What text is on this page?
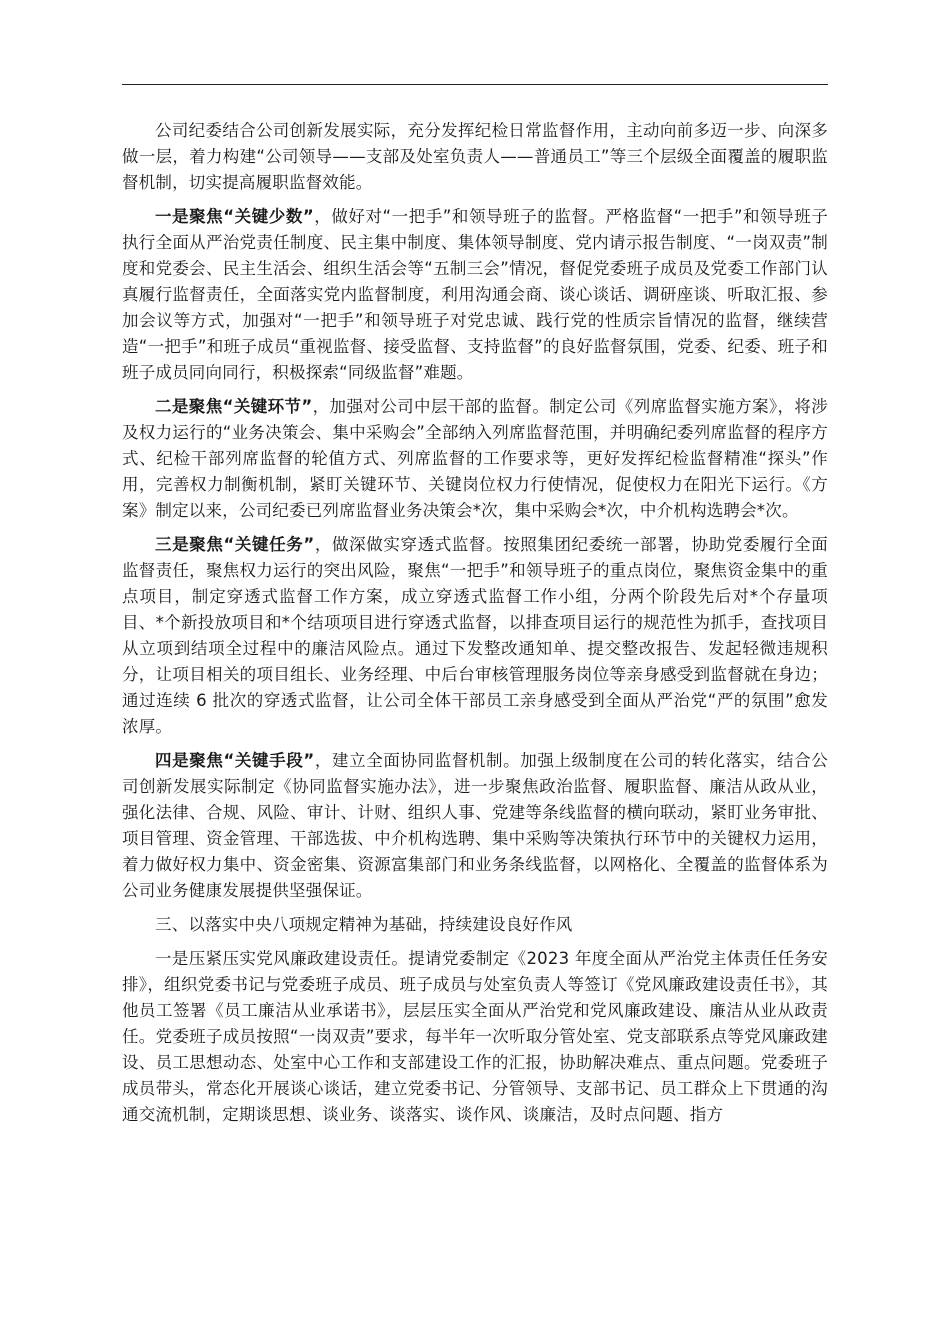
公司纪委结合公司创新发展实际，充分发挥纪检日常监督作用，主动向前多迈一步、向深多做一层，着力构建“公司领导——支部及处室负责人——普通员工”等三个层级全面覆盖的履职监督机制，切实提高履职监督效能。

一是聚焦“关键少数”，做好对“一把手”和领导班子的监督。严格监督“一把手”和领导班子执行全面从严治党责任制度、民主集中制度、集体领导制度、党内请示报告制度、“一岗双责”制度和党委会、民主生活会、组织生活会等“五制三会”情况，督促党委班子成员及党委工作部门认真履行监督责任，全面落实党内监督制度，利用沟通会商、谈心谈话、调研座谈、听取汇报、参加会议等方式，加强对“一把手”和领导班子对党忠诚、践行党的性质宗旨情况的监督，继续营造“一把手”和班子成员“重视监督、接受监督、支持监督”的良好监督氛围，党委、纪委、班子和班子成员同向同行，积极探索“同级监督”难题。

二是聚焦“关键环节”，加强对公司中层干部的监督。制定公司《列席监督实施方案》，将涉及权力运行的“业务决策会、集中采购会”全部纳入列席监督范围，并明确纪委列席监督的程序方式、纪检干部列席监督的轮值方式、列席监督的工作要求等，更好发挥纪检监督精准“探头”作用，完善权力制衡机制，紧盯关键环节、关键岗位权力行使情况，促使权力在阳光下运行。《方案》制定以来，公司纪委已列席监督业务决策会*次，集中采购会*次，中介机构选聘会*次。

三是聚焦“关键任务”，做深做实穿透式监督。按照集团纪委统一部署，协助党委履行全面监督责任，聚焦权力运行的突出风险，聚焦“一把手”和领导班子的重点岗位，聚焦资金集中的重点项目，制定穿透式监督工作方案，成立穿透式监督工作小组，分两个阶段先后对*个存量项目、*个新投放项目和*个结项项目进行穿透式监督，以排查项目运行的规范性为抓手，查找项目从立项到结项全过程中的廉洁风险点。通过下发整改通知单、提交整改报告、发起轻微违规积分，让项目相关的项目组长、业务经理、中后台审核管理服务岗位等亲身感受到监督就在身边；通过连续 6 批次的穿透式监督，让公司全体干部员工亲身感受到全面从严治党“严的氛围”愈发浓厚。

四是聚焦“关键手段”，建立全面协同监督机制。加强上级制度在公司的转化落实，结合公司创新发展实际制定《协同监督实施办法》，进一步聚焦政治监督、履职监督、廉洁从政从业，强化法律、合规、风险、审计、计财、组织人事、党建等条线监督的横向联动，紧盯业务审批、项目管理、资金管理、干部选拔、中介机构选聘、集中采购等决策执行环节中的关键权力运用，着力做好权力集中、资金密集、资源富集部门和业务条线监督，以网格化、全覆盖的监督体系为公司业务健康发展提供坚强保证。

三、以落实中央八项规定精神为基础，持续建设良好作风

一是压紧压实党风廉政建设责任。提请党委制定《2023 年度全面从严治党主体责任任务安排》，组织党委书记与党委班子成员、班子成员与处室负责人等签订《党风廉政建设责任书》，其他员工签署《员工廉洁从业承诺书》，层层压实全面从严治党和党风廉政建设、廉洁从业从政责任。党委班子成员按照“一岗双责”要求，每半年一次听取分管处室、党支部联系点等党风廉政建设、员工思想动态、处室中心工作和支部建设工作的汇报，协助解决难点、重点问题。党委班子成员带头，常态化开展谈心谈话，建立党委书记、分管领导、支部书记、员工群众上下贯通的沟通交流机制，定期谈思想、谈业务、谈落实、谈作风、谈廉洁，及时点问题、指方
